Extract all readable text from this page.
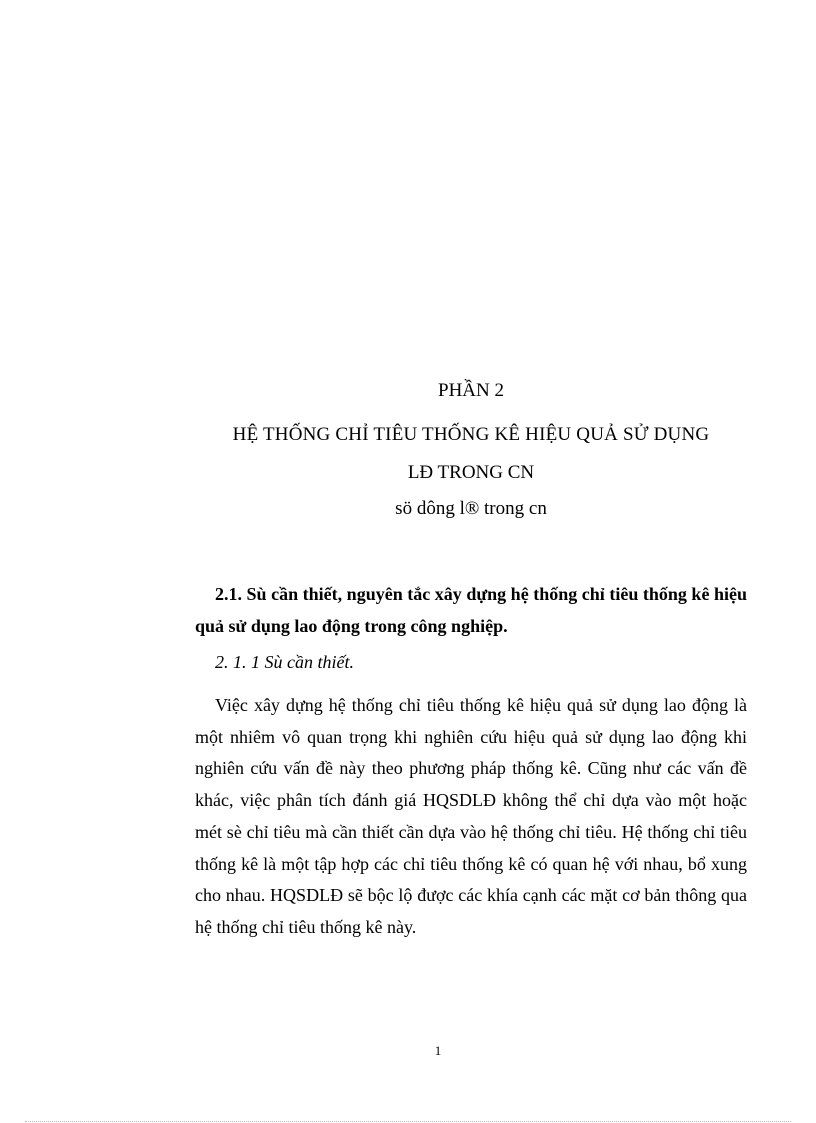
PHẦN 2
HỆ THỐNG CHỈ TIÊU THỐNG KÊ HIỆU QUẢ SỬ DỤNG
LĐ TRONG CN
sö dông l® trong cn
2.1. Sù cần thiết, nguyên tắc xây dựng hệ thống chỉ tiêu thống kê hiệu quả sử dụng lao động trong công nghiệp.
2. 1. 1 Sù cần thiết.
Việc xây dựng hệ thống chỉ tiêu thống kê hiệu quả sử dụng lao động là một nhiêm vô quan trọng khi nghiên cứu hiệu quả sử dụng lao động khi nghiên cứu vấn đề này theo phương pháp thống kê. Cũng như các vấn đề khác, việc phân tích đánh giá HQSDLĐ không thể chỉ dựa vào một hoặc mét sè chỉ tiêu mà cần thiết cần dựa vào hệ thống chỉ tiêu. Hệ thống chỉ tiêu thống kê là một tập hợp các chỉ tiêu thống kê có quan hệ với nhau, bổ xung cho nhau. HQSDLĐ sẽ bộc lộ được các khía cạnh các mặt cơ bản thông qua hệ thống chỉ tiêu thống kê này.
1
